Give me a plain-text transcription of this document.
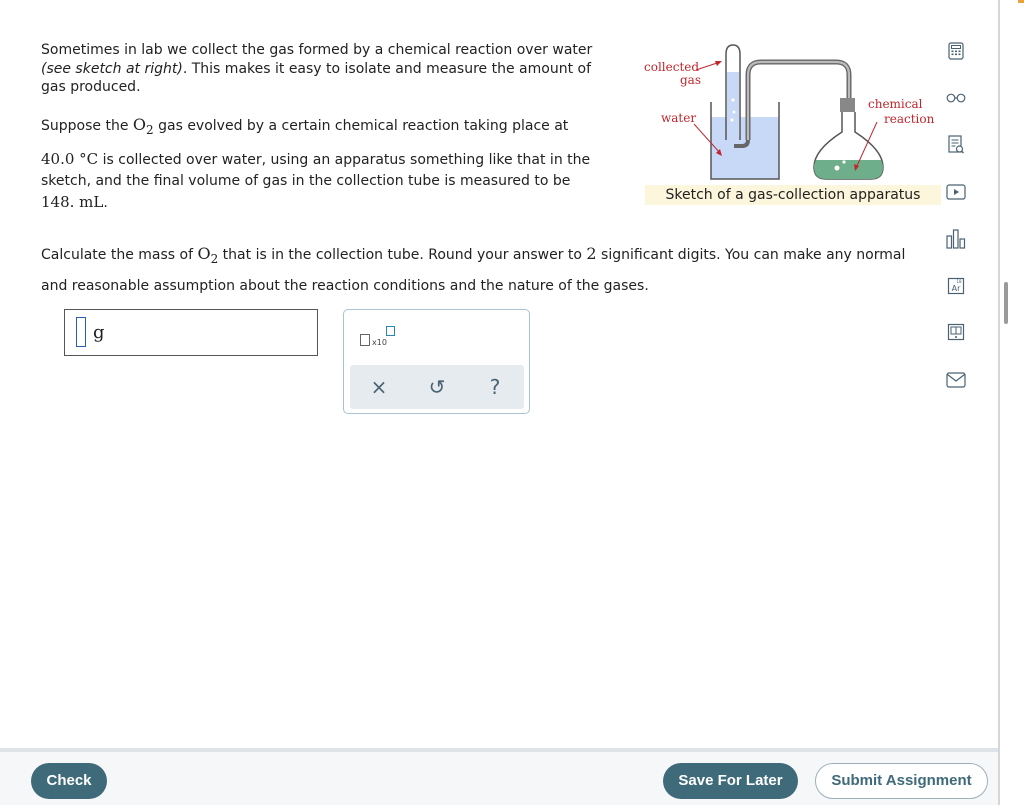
Sometimes in lab we collect the gas formed by a chemical reaction over water
(see sketch at right). This makes it easy to isolate and measure the amount of
gas produced.
Suppose the $O_2$ gas evolved by a certain chemical reaction taking place at
40.0 °C is collected over water, using an apparatus something like that in the
sketch, and the final volume of gas in the collection tube is measured to be
148. mL.
Calculate the mass of $O_2$ that is in the collection tube. Round your answer to 2 significant digits. You can make any normal
and reasonable assumption about the reaction conditions and the nature of the gases.
collected
gas
water
chemical
reaction
Sketch of a gas-collection apparatus
Ar
18
g	x10
×	↺	?
Check	Save For Later	Submit Assignment
